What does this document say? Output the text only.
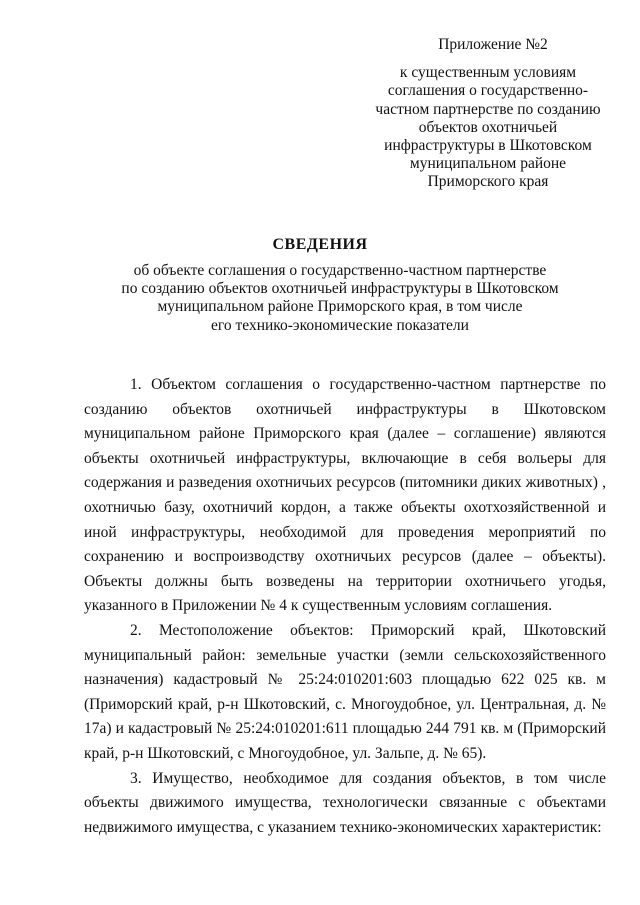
Приложение №2
к существенным условиям
соглашения о государственно-
частном партнерстве по созданию
объектов охотничьей
инфраструктуры в Шкотовском
муниципальном районе
Приморского края
СВЕДЕНИЯ
об объекте соглашения о государственно-частном партнерстве
по созданию объектов охотничьей инфраструктуры в Шкотовском
муниципальном районе Приморского края, в том числе
его технико-экономические показатели

1. Объектом соглашения о государственно-частном партнерстве по созданию объектов охотничьей инфраструктуры в Шкотовском муниципальном районе Приморского края (далее – соглашение) являются объекты охотничьей инфраструктуры, включающие в себя вольеры для содержания и разведения охотничьих ресурсов (питомники диких животных) , охотничью базу, охотничий кордон, а также объекты охотхозяйственной и иной инфраструктуры, необходимой для проведения мероприятий по сохранению и воспроизводству охотничьих ресурсов (далее – объекты). Объекты должны быть возведены на территории охотничьего угодья, указанного в Приложении № 4 к существенным условиям соглашения.

2. Местоположение объектов: Приморский край, Шкотовский муниципальный район: земельные участки (земли сельскохозяйственного назначения) кадастровый № 25:24:010201:603 площадью 622 025 кв. м (Приморский край, р-н Шкотовский, с. Многоудобное, ул. Центральная, д. № 17а) и кадастровый № 25:24:010201:611 площадью 244 791 кв. м (Приморский край, р-н Шкотовский, с Многоудобное, ул. Зальпе, д. № 65).

3. Имущество, необходимое для создания объектов, в том числе объекты движимого имущества, технологически связанные с объектами недвижимого имущества, с указанием технико-экономических характеристик:
